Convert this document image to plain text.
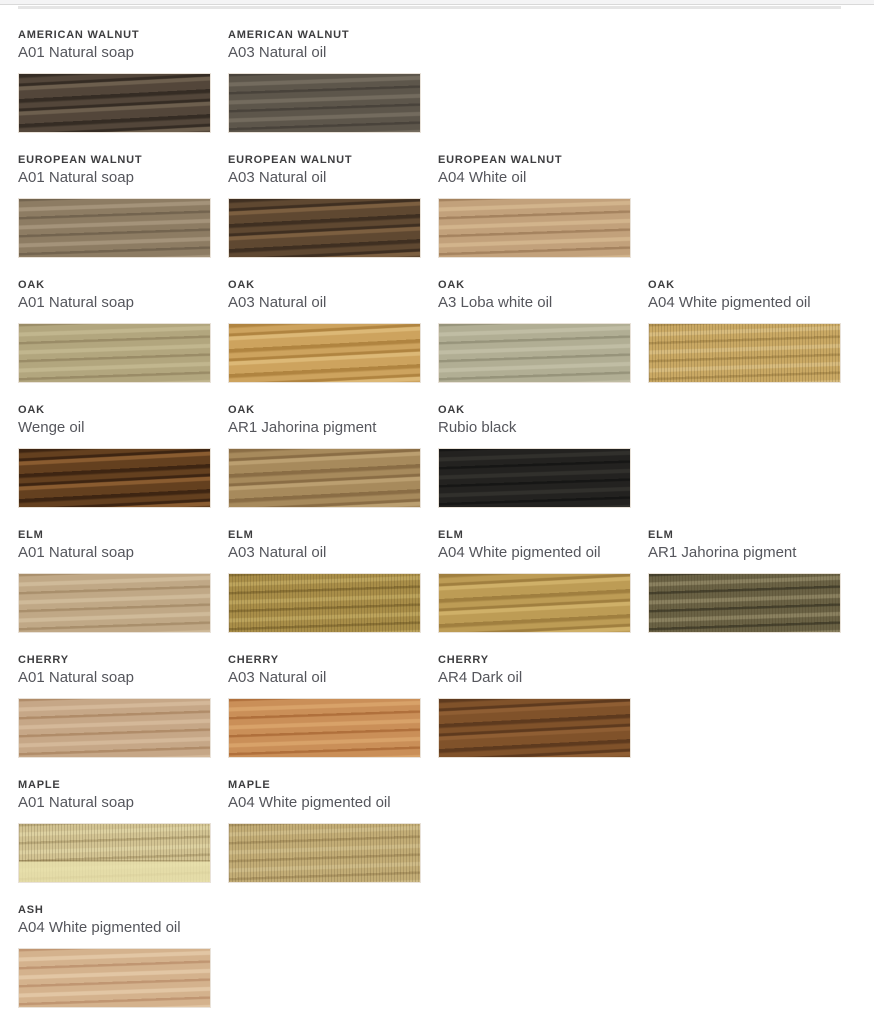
AMERICAN WALNUT
A01 Natural soap
AMERICAN WALNUT
A03 Natural oil
EUROPEAN WALNUT
A01 Natural soap
EUROPEAN WALNUT
A03 Natural oil
EUROPEAN WALNUT
A04 White oil
OAK
A01 Natural soap
OAK
A03 Natural oil
OAK
A3 Loba white oil
OAK
A04 White pigmented oil
OAK
Wenge oil
OAK
AR1 Jahorina pigment
OAK
Rubio black
ELM
A01 Natural soap
ELM
A03 Natural oil
ELM
A04 White pigmented oil
ELM
AR1 Jahorina pigment
CHERRY
A01 Natural soap
CHERRY
A03 Natural oil
CHERRY
AR4 Dark oil
MAPLE
A01 Natural soap
MAPLE
A04 White pigmented oil
ASH
A04 White pigmented oil
